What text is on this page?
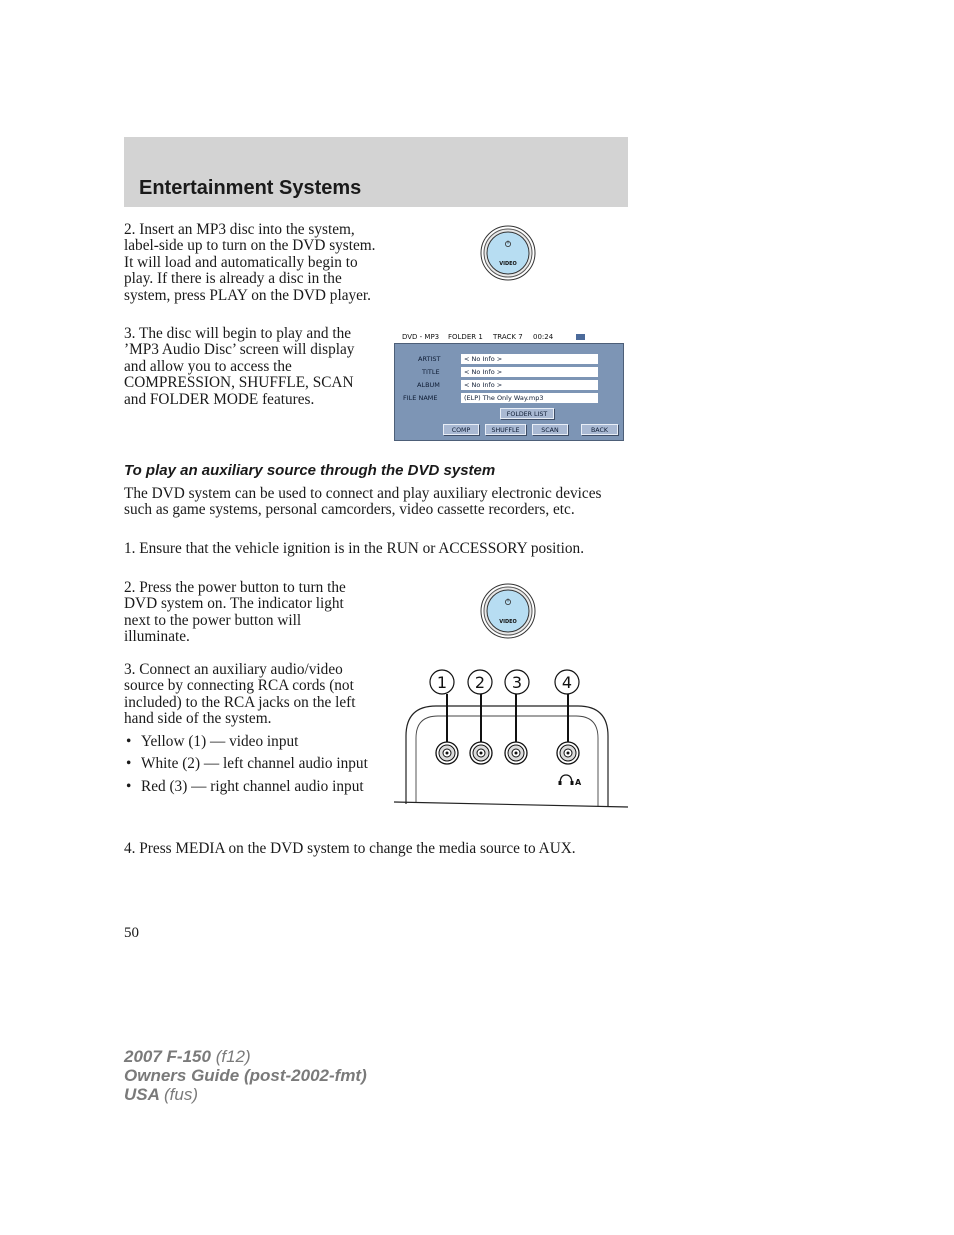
Entertainment Systems

2. Insert an MP3 disc into the system, label-side up to turn on the DVD system. It will load and automatically begin to play. If there is already a disc in the system, press PLAY on the DVD player.

3. The disc will begin to play and the ’MP3 Audio Disc’ screen will display and allow you to access the COMPRESSION, SHUFFLE, SCAN and FOLDER MODE features.

VIDEO
DVD - MP3 FOLDER 1 TRACK 7 00:24
ARTIST	< No Info >
TITLE	< No Info >
ALBUM	< No Info >
FILE NAME	(ELP) The Only Way.mp3
FOLDER LIST
COMP	SHUFFLE	SCAN	BACK
To play an auxiliary source through the DVD system

The DVD system can be used to connect and play auxiliary electronic devices such as game systems, personal camcorders, video cassette recorders, etc.

1. Ensure that the vehicle ignition is in the RUN or ACCESSORY position.

2. Press the power button to turn the DVD system on. The indicator light next to the power button will illuminate.

VIDEO

3. Connect an auxiliary audio/video source by connecting RCA cords (not included) to the RCA jacks on the left hand side of the system.

• Yellow (1) — video input
• White (2) — left channel audio input
• Red (3) — right channel audio input	A
1 2 3 4

4. Press MEDIA on the DVD system to change the media source to AUX.

50

2007 F-150 (f12)

Owners Guide (post-2002-fmt)

USA (fus)
